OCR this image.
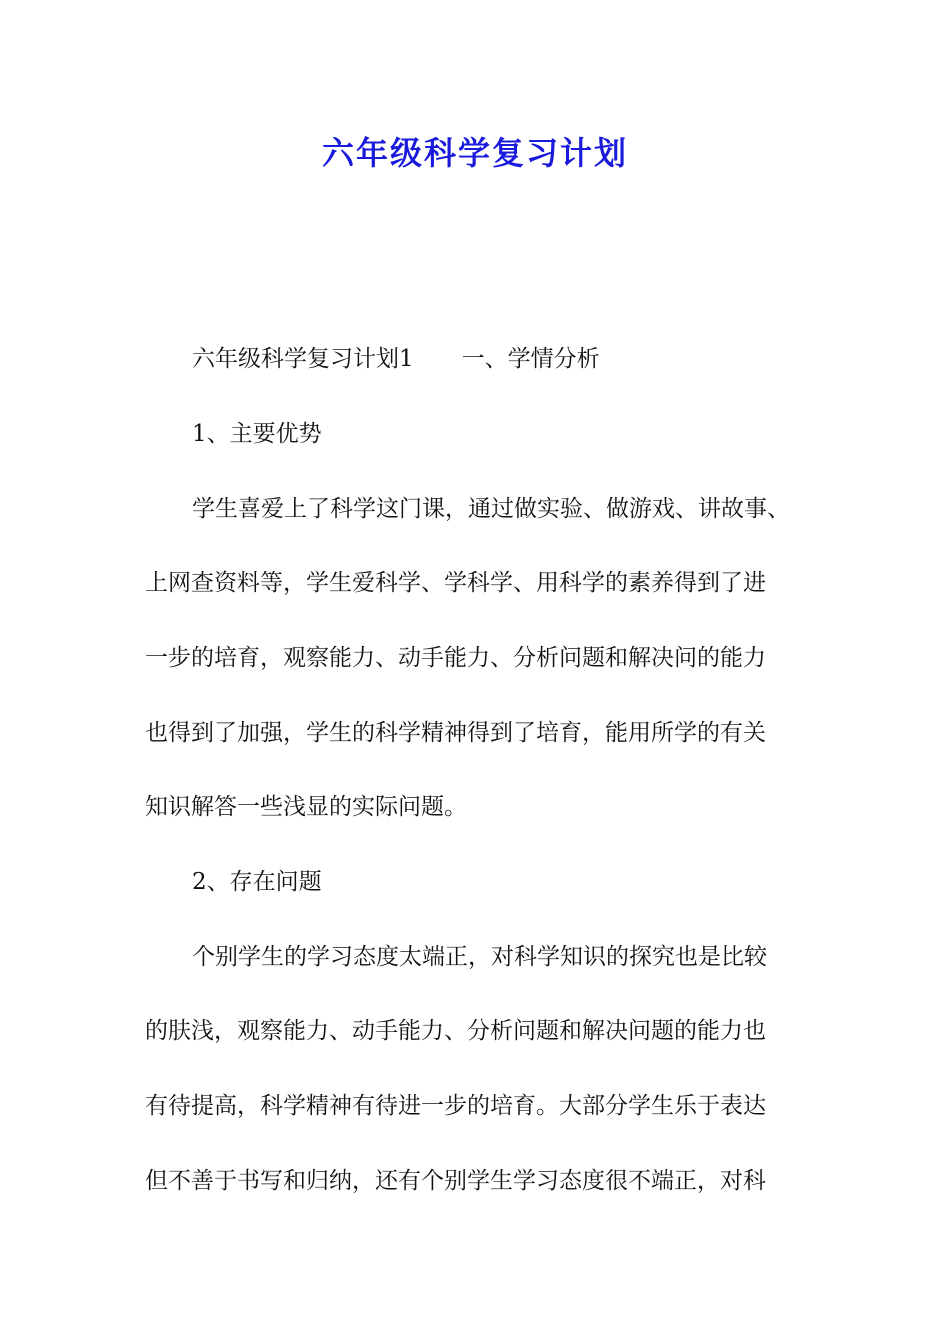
六年级科学复习计划

六年级科学复习计划1 一、学情分析

1、主要优势

学生喜爱上了科学这门课，通过做实验、做游戏、讲故事、

上网查资料等，学生爱科学、学科学、用科学的素养得到了进

一步的培育，观察能力、动手能力、分析问题和解决问的能力

也得到了加强，学生的科学精神得到了培育，能用所学的有关

知识解答一些浅显的实际问题。

2、存在问题

个别学生的学习态度太端正，对科学知识的探究也是比较

的肤浅，观察能力、动手能力、分析问题和解决问题的能力也

有待提高，科学精神有待进一步的培育。大部分学生乐于表达

但不善于书写和归纳，还有个别学生学习态度很不端正，对科
